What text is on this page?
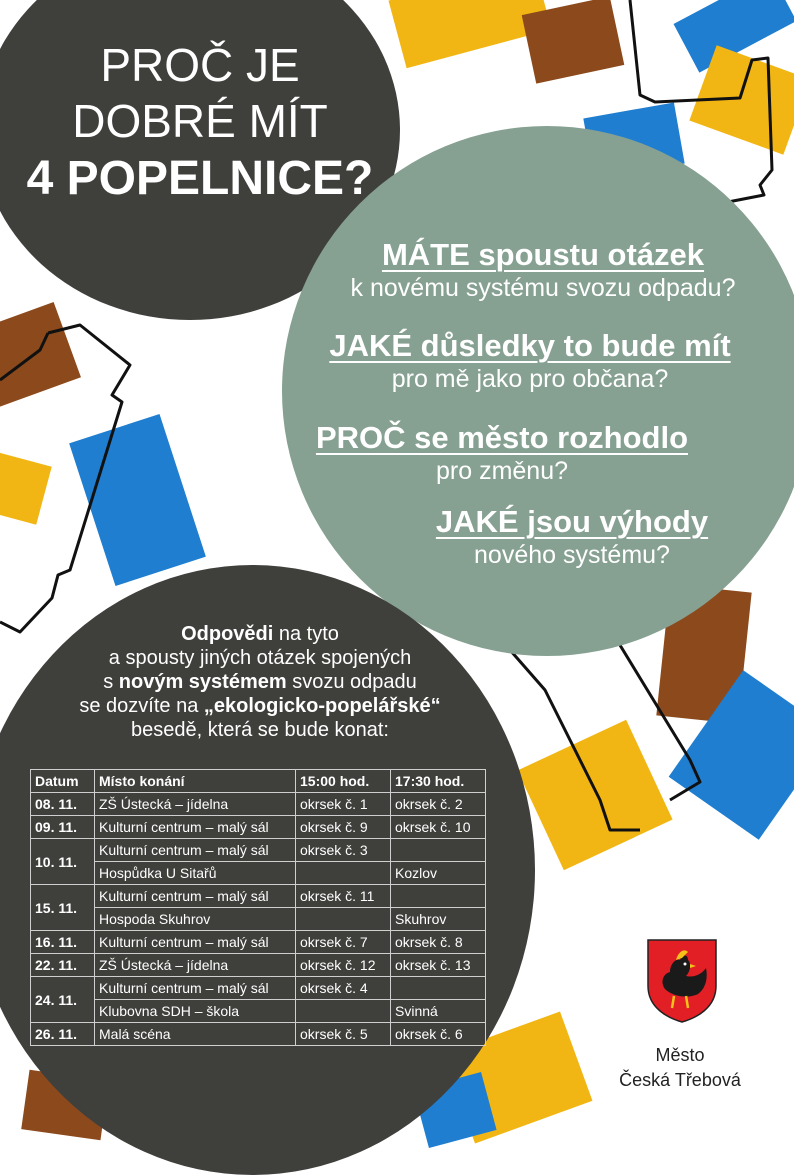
PROČ JE
DOBRÉ MÍT
4 POPELNICE?
MÁTE spoustu otázek
k novému systému svozu odpadu?
JAKÉ důsledky to bude mít
pro mě jako pro občana?
PROČ se město rozhodlo
pro změnu?
JAKÉ jsou výhody
nového systému?
Odpovědi na tyto
a spousty jiných otázek spojených
s novým systémem svozu odpadu
se dozvíte na „ekologicko-popelářské“
besedě, která se bude konat:
Datum	Místo konání	15:00 hod.	17:30 hod.
08. 11.	ZŠ Ústecká – jídelna	okrsek č. 1	okrsek č. 2
09. 11.	Kulturní centrum – malý sál	okrsek č. 9	okrsek č. 10
10. 11.	Kulturní centrum – malý sál	okrsek č. 3	
	Hospůdka U Sitařů		Kozlov
15. 11.	Kulturní centrum – malý sál	okrsek č. 11	
	Hospoda Skuhrov		Skuhrov
16. 11.	Kulturní centrum – malý sál	okrsek č. 7	okrsek č. 8
22. 11.	ZŠ Ústecká – jídelna	okrsek č. 12	okrsek č. 13
24. 11.	Kulturní centrum – malý sál	okrsek č. 4	
	Klubovna SDH – škola		Svinná
26. 11.	Malá scéna	okrsek č. 5	okrsek č. 6
Město
Česká Třebová
